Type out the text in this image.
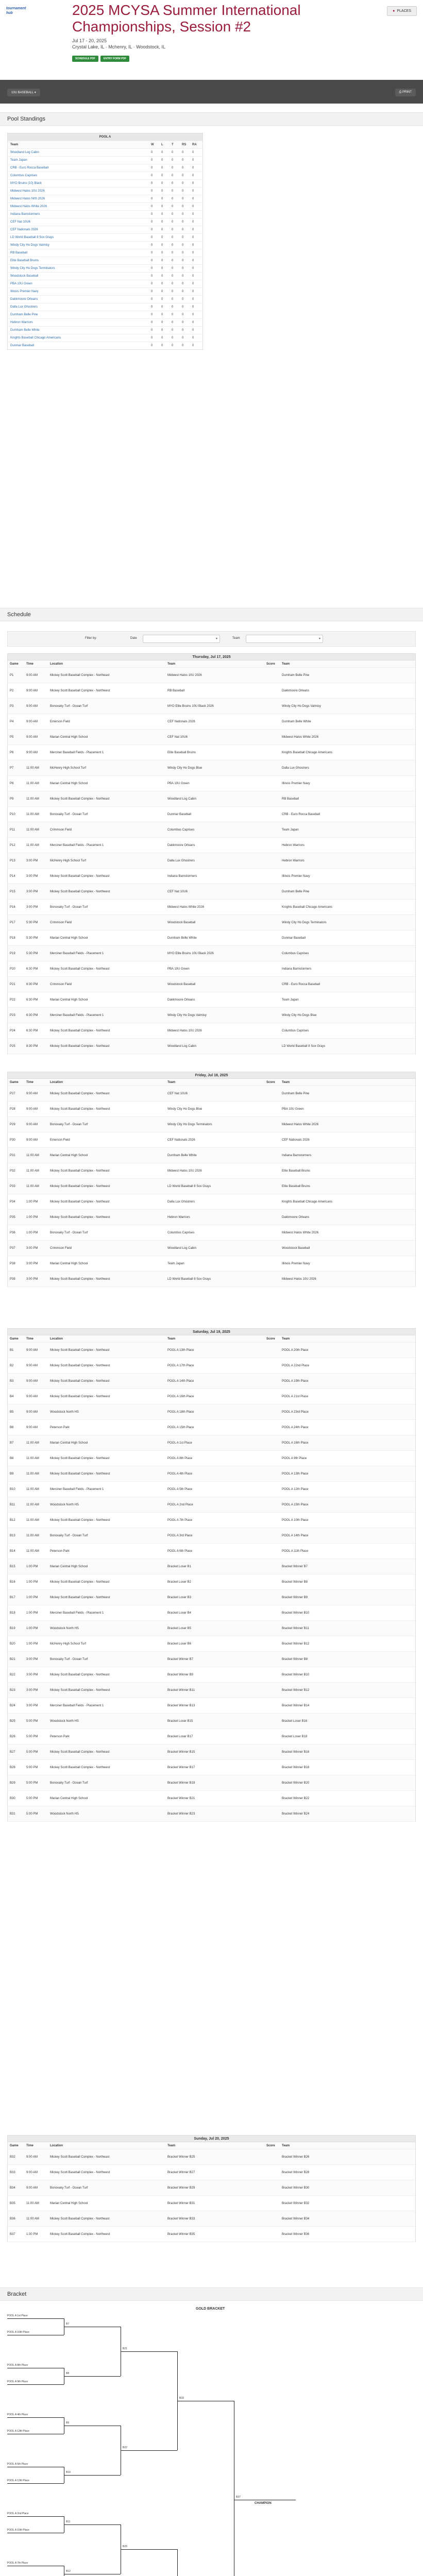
tournament
hub	2025 MCYSA Summer International
Championships, Session #2
Jul 17 - 20, 2025
Crystal Lake, IL · Mchenry, IL · Woodstock, IL
SCHEDULE PDF	ENTRY FORM PDF
● PLACES
10U BASEBALL ▾	⎙ PRINT
Pool Standings
POOL A
Team	W	L	T	RS	RA
Woodland Log Cabin	0	0	0	0	0
Team Japan	0	0	0	0	0
CRB - Euro Rocca Baseball	0	0	0	0	0
Columbus Caprises	0	0	0	0	0
MYO Bruins (10) Black	0	0	0	0	0
Midwest Halos 10U 2026	0	0	0	0	0
Midwest Halos Nrth 2026	0	0	0	0	0
Midwest Halos White 2026	0	0	0	0	0
Indiana Barnstormers	0	0	0	0	0
CEF Nat 10U6	0	0	0	0	0
CEF Nationals 2026	0	0	0	0	0
LD World Baseball 8 Sox Grays	0	0	0	0	0
Windy City Ho Dogs Valmisy	0	0	0	0	0
RB Baseball	0	0	0	0	0
Elite Baseball Bruins	0	0	0	0	0
Windy City Ho Dogs Terminators	0	0	0	0	0
Woodstock Baseball	0	0	0	0	0
PBA 10U Green	0	0	0	0	0
Illinois Premier Navy	0	0	0	0	0
Dakkmoore Orleans	0	0	0	0	0
Dalla Lux Ghostrers	0	0	0	0	0
Durnham Belle Pine	0	0	0	0	0
Hebron Warriors	0	0	0	0	0
Durnham Belle White	0	0	0	0	0
Knights Baseball Chicago Americans	0	0	0	0	0
Dunmar Baseball	0	0	0	0	0
Schedule
Filter by:	Date
▾	Team
▾
Thursday, Jul 17, 2025
Game	Time	Location	Team	Score	Team
P1	9:00 AM	Mickey Scott Baseball Complex - Northeast	Midwest Halos 10U 2026	Durnham Belle Pine
P2	9:00 AM	Mickey Scott Baseball Complex - Northwest	RB Baseball	Dakkmoore Orleans
P3	9:00 AM	Bonovaky Turf - Ocean Turf	MYO Elite Bruins 10U Black 2026	Windy City Ho Dogs Valmisy
P4	9:00 AM	Emerson Field	CEF Nationals 2026	Durnham Belle White
P5	9:00 AM	Marian Central High School	CEF Nat 10U6	Midwest Halos White 2026
P6	9:00 AM	Merciner Baseball Fields - Placement 1	Elite Baseball Bruins	Knights Baseball Chicago Americans
P7	11:00 AM	McHenry High School Turf	Windy City Ho Dogs Blue	Dalla Lux Ghostrers
P8	11:00 AM	Marian Central High School	PBA 10U Green	Illinois Premier Navy
P9	11:00 AM	Mickey Scott Baseball Complex - Northeast	Woodland Log Cabin	RB Baseball
P10	11:00 AM	Bonovaky Turf - Ocean Turf	Dunmar Baseball	CRB - Euro Rocca Baseball
P11	11:00 AM	Crimmson Field	Columbus Caprises	Team Japan
P12	11:00 AM	Merciner Baseball Fields - Placement 1	Dakkmoore Orleans	Hebron Warriors
P13	3:00 PM	McHenry High School Turf	Dalla Lux Ghostrers	Hebron Warriors
P14	3:00 PM	Mickey Scott Baseball Complex - Northeast	Indiana Barnstormers	Illinois Premier Navy
P15	3:00 PM	Mickey Scott Baseball Complex - Northwest	CEF Nat 10U6	Durnham Belle Pine
P16	3:00 PM	Bonovaky Turf - Ocean Turf	Midwest Halos White 2026	Knights Baseball Chicago Americans
P17	5:30 PM	Crimmson Field	Woodstock Baseball	Windy City Ho Dogs Terminators
P18	5:30 PM	Marian Central High School	Durnham Belle White	Dunmar Baseball
P19	5:30 PM	Merciner Baseball Fields - Placement 1	MYO Elite Bruins 10U Black 2026	Columbus Caprises
P20	6:30 PM	Mickey Scott Baseball Complex - Northeast	PBA 10U Green	Indiana Barnstormers
P21	6:30 PM	Crimmson Field	Woodstock Baseball	CRB - Euro Rocca Baseball
P22	6:30 PM	Marian Central High School	Dakkmoore Orleans	Team Japan
P23	6:30 PM	Merciner Baseball Fields - Placement 1	Windy City Ho Dogs Valmisy	Windy City Ho Dogs Blue
P24	6:30 PM	Mickey Scott Baseball Complex - Northwest	Midwest Halos 10U 2026	Columbus Caprises
P25	8:30 PM	Mickey Scott Baseball Complex - Northeast	Woodland Log Cabin	LD World Baseball 8 Sox Grays
Friday, Jul 18, 2025
Game	Time	Location	Team	Score	Team
P27	9:00 AM	Mickey Scott Baseball Complex - Northeast	CEF Nat 10U6	Durnham Belle Pine
P28	9:00 AM	Mickey Scott Baseball Complex - Northwest	Windy City Ho Dogs Blue	PBA 10U Green
P29	9:00 AM	Bonovaky Turf - Ocean Turf	Windy City Ho Dogs Terminators	Midwest Halos White 2026
P30	9:00 AM	Emerson Field	CEF Nationals 2026	CEF Nationals 2026
P31	11:00 AM	Marian Central High School	Durnham Belle White	Indiana Barnstormers
P32	11:00 AM	Mickey Scott Baseball Complex - Northeast	Midwest Halos 10U 2026	Elite Baseball Bruins
P33	11:00 AM	Mickey Scott Baseball Complex - Northwest	LD World Baseball 8 Sox Grays	Elite Baseball Bruins
P34	1:00 PM	Mickey Scott Baseball Complex - Northeast	Dalla Lux Ghostrers	Knights Baseball Chicago Americans
P35	1:00 PM	Mickey Scott Baseball Complex - Northwest	Hebron Warriors	Dakkmoore Orleans
P36	1:00 PM	Bonovaky Turf - Ocean Turf	Columbus Caprises	Midwest Halos White 2026
P37	3:00 PM	Crimmson Field	Woodland Log Cabin	Woodstock Baseball
P38	3:00 PM	Marian Central High School	Team Japan	Illinois Premier Navy
P39	3:00 PM	Mickey Scott Baseball Complex - Northwest	LD World Baseball 8 Sox Grays	Midwest Halos 10U 2026
Saturday, Jul 19, 2025
Game	Time	Location	Team	Score	Team
B1	9:00 AM	Mickey Scott Baseball Complex - Northeast	POOL A 13th Place	POOL A 20th Place
B2	9:00 AM	Mickey Scott Baseball Complex - Northwest	POOL A 17th Place	POOL A 22nd Place
B3	9:00 AM	Mickey Scott Baseball Complex - Northeast	POOL A 14th Place	POOL A 19th Place
B4	9:00 AM	Mickey Scott Baseball Complex - Northwest	POOL A 16th Place	POOL A 21st Place
B5	9:00 AM	Woodstock North HS	POOL A 18th Place	POOL A 23rd Place
B6	9:00 AM	Peterson Park	POOL A 15th Place	POOL A 24th Place
B7	11:00 AM	Marian Central High School	POOL A 1st Place	POOL A 16th Place
B8	11:00 AM	Mickey Scott Baseball Complex - Northeast	POOL A 8th Place	POOL A 9th Place
B9	11:00 AM	Mickey Scott Baseball Complex - Northwest	POOL A 4th Place	POOL A 13th Place
B10	11:00 AM	Merciner Baseball Fields - Placement 1	POOL A 5th Place	POOL A 12th Place
B11	11:00 AM	Woodstock North HS	POOL A 2nd Place	POOL A 15th Place
B12	11:00 AM	Mickey Scott Baseball Complex - Northwest	POOL A 7th Place	POOL A 10th Place
B13	11:00 AM	Bonovaky Turf - Ocean Turf	POOL A 3rd Place	POOL A 14th Place
B14	11:00 AM	Peterson Park	POOL A 6th Place	POOL A 11th Place
B15	1:00 PM	Marian Central High School	Bracket Loser B1	Bracket Winner B7
B16	1:00 PM	Mickey Scott Baseball Complex - Northeast	Bracket Loser B2	Bracket Winner B8
B17	1:00 PM	Mickey Scott Baseball Complex - Northwest	Bracket Loser B3	Bracket Winner B9
B18	1:00 PM	Merciner Baseball Fields - Placement 1	Bracket Loser B4	Bracket Winner B10
B19	1:00 PM	Woodstock North HS	Bracket Loser B5	Bracket Winner B11
B20	1:00 PM	McHenry High School Turf	Bracket Loser B6	Bracket Winner B12
B21	3:00 PM	Bonovaky Turf - Ocean Turf	Bracket Winner B7	Bracket Winner B8
B22	3:00 PM	Mickey Scott Baseball Complex - Northeast	Bracket Winner B9	Bracket Winner B10
B23	3:00 PM	Mickey Scott Baseball Complex - Northwest	Bracket Winner B11	Bracket Winner B12
B24	3:00 PM	Merciner Baseball Fields - Placement 1	Bracket Winner B13	Bracket Winner B14
B25	5:00 PM	Woodstock North HS	Bracket Loser B15	Bracket Loser B16
B26	5:00 PM	Peterson Park	Bracket Loser B17	Bracket Loser B18
B27	5:00 PM	Mickey Scott Baseball Complex - Northeast	Bracket Winner B15	Bracket Winner B16
B28	5:00 PM	Mickey Scott Baseball Complex - Northwest	Bracket Winner B17	Bracket Winner B18
B29	5:00 PM	Bonovaky Turf - Ocean Turf	Bracket Winner B19	Bracket Winner B20
B30	5:00 PM	Marian Central High School	Bracket Winner B21	Bracket Winner B22
B31	5:00 PM	Woodstock North HS	Bracket Winner B23	Bracket Winner B24
Sunday, Jul 20, 2025
Game	Time	Location	Team	Score	Team
B32	9:00 AM	Mickey Scott Baseball Complex - Northeast	Bracket Winner B25	Bracket Winner B26
B33	9:00 AM	Mickey Scott Baseball Complex - Northwest	Bracket Winner B27	Bracket Winner B28
B34	9:00 AM	Bonovaky Turf - Ocean Turf	Bracket Winner B29	Bracket Winner B30
B35	11:00 AM	Marian Central High School	Bracket Winner B31	Bracket Winner B32
B36	11:00 AM	Mickey Scott Baseball Complex - Northeast	Bracket Winner B33	Bracket Winner B34
B37	1:30 PM	Mickey Scott Baseball Complex - Northwest	Bracket Winner B35	Bracket Winner B36
Bracket
GOLD BRACKET
POOL A 1st Place
POOL A 16th Place
B7
POOL A 8th Place
POOL A 9th Place
B8
POOL A 4th Place
POOL A 13th Place
B9
POOL A 5th Place
POOL A 12th Place
B10
POOL A 2nd Place
POOL A 15th Place
B11
POOL A 7th Place
B12
B21
B22
B23
B33
B37
CHAMPION
